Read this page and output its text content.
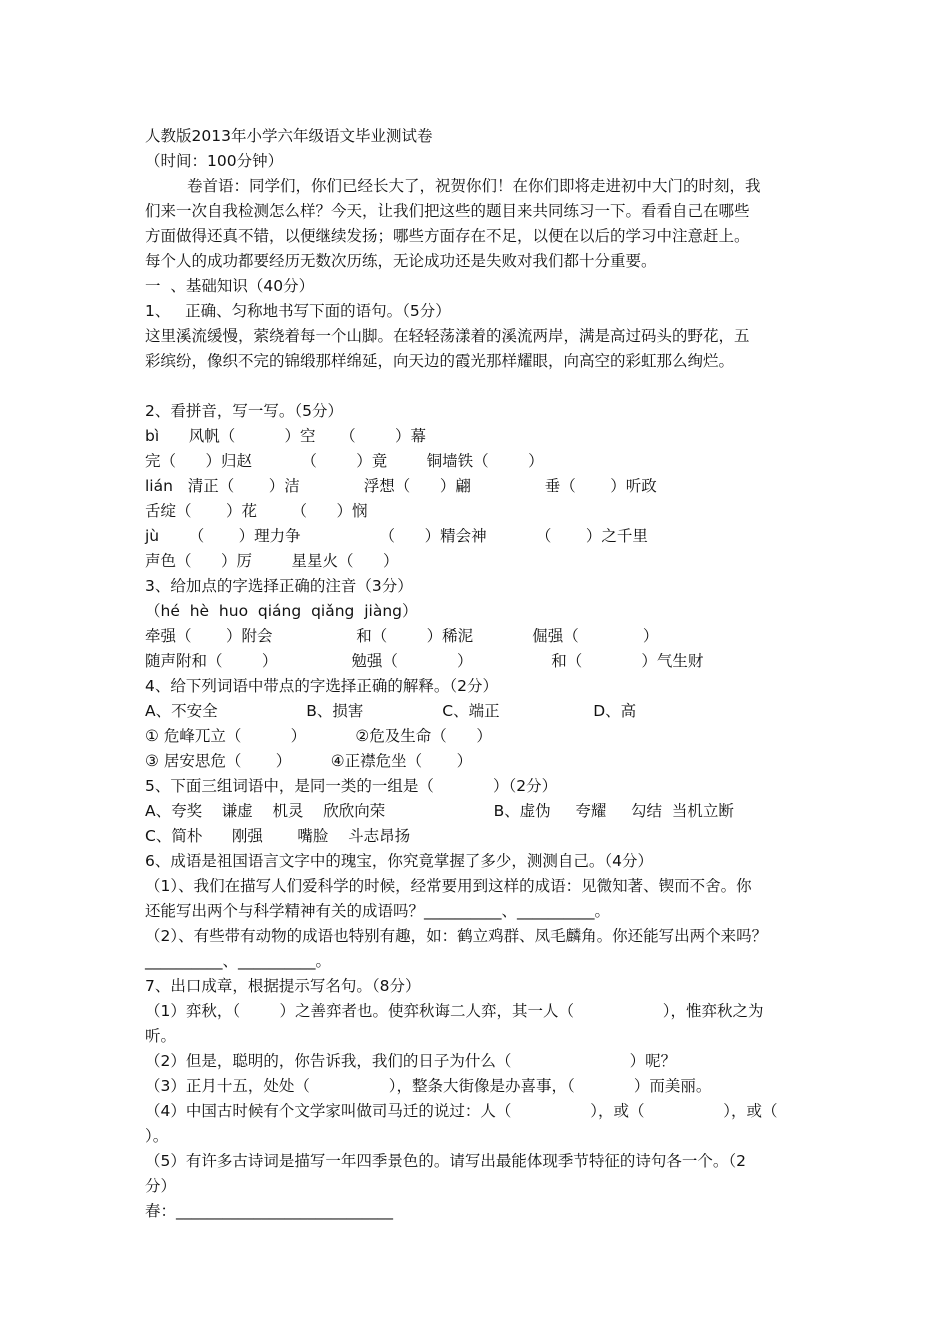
人教版2013年小学六年级语文毕业测试卷
（时间：100分钟）
卷首语：同学们，你们已经长大了，祝贺你们！在你们即将走进初中大门的时刻，我
们来一次自我检测怎么样？今天，让我们把这些的题目来共同练习一下。看看自己在哪些
方面做得还真不错，以便继续发扬；哪些方面存在不足，以便在以后的学习中注意赶上。
每个人的成功都要经历无数次历练，无论成功还是失败对我们都十分重要。
一  、基础知识（40分）
1、   正确、匀称地书写下面的语句。（5分）
这里溪流缓慢，萦绕着每一个山脚。在轻轻荡漾着的溪流两岸，满是高过码头的野花，五
彩缤纷，像织不完的锦缎那样绵延，向天边的霞光那样耀眼，向高空的彩虹那么绚烂。
2、看拼音，写一写。（5分）
bì      风帆（          ）空     （        ）幕
完（      ）归赵          （        ）竟        铜墙铁（        ）
lián   清正（       ）洁             浮想（      ）翩               垂（       ）听政
舌绽（       ）花       （      ）悯
jù      （       ）理力争                （      ）精会神          （       ）之千里
声色（      ）厉        星星火（      ）
3、给加点的字选择正确的注音（3分）
（hé  hè  huo  qiáng  qiǎng  jiàng）
牵强（       ）附会                 和（        ）稀泥            倔强（             ）
随声附和（        ）               勉强（            ）                和（            ）气生财
4、给下列词语中带点的字选择正确的解释。（2分）
A、不安全                  B、损害                C、端正                   D、高
① 危峰兀立（          ）          ②危及生命（      ）
③ 居安思危（       ）        ④正襟危坐（       ）
5、下面三组词语中，是同一类的一组是（            ）（2分）
A、夸奖    谦虚    机灵    欣欣向荣                      B、虚伪     夸耀     勾结  当机立断
C、简朴      刚强       嘴脸    斗志昂扬
6、成语是祖国语言文字中的瑰宝，你究竟掌握了多少，测测自己。（4分）
（1）、我们在描写人们爱科学的时候，经常要用到这样的成语：见微知著、锲而不舍。你
还能写出两个与科学精神有关的成语吗？__________、__________。
（2）、有些带有动物的成语也特别有趣，如：鹤立鸡群、凤毛麟角。你还能写出两个来吗？
__________、__________。
7、出口成章，根据提示写名句。（8分）
（1）弈秋，（        ）之善弈者也。使弈秋诲二人弈，其一人（                  ），惟弈秋之为
听。
（2）但是，聪明的，你告诉我，我们的日子为什么（                        ）呢？
（3）正月十五，处处（                ），整条大街像是办喜事，（            ）而美丽。
（4）中国古时候有个文学家叫做司马迁的说过：人（                ），或（                ），或（
）。
（5）有许多古诗词是描写一年四季景色的。请写出最能体现季节特征的诗句各一个。（2
分）
春：____________________________
